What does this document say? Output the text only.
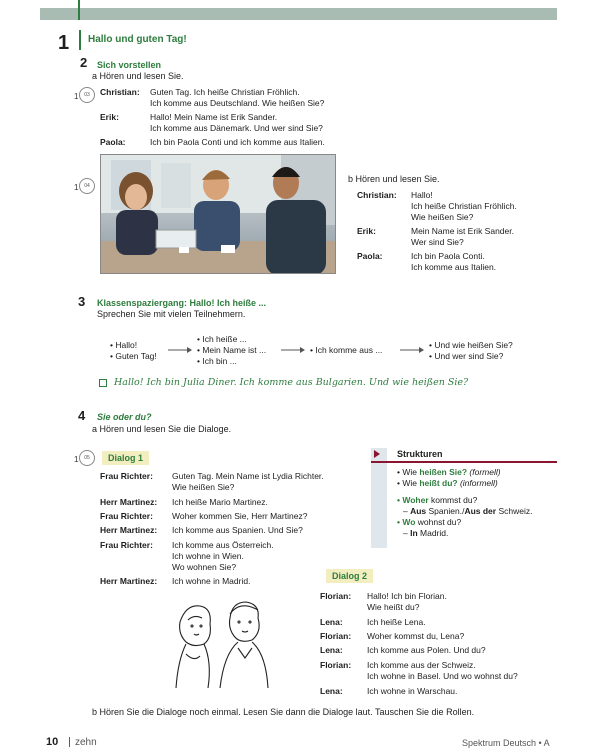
1 Hallo und guten Tag!
2 Sich vorstellen
a Hören und lesen Sie.
1	03	Christian: Guten Tag. Ich heiße Christian Fröhlich.
Ich komme aus Deutschland. Wie heißen Sie?
Erik:	Hallo! Mein Name ist Erik Sander.
Ich komme aus Dänemark. Und wer sind Sie?
Paola:	Ich bin Paola Conti und ich komme aus Italien.
1	04
b Hören und lesen Sie.
Christian: Hallo!
Ich heiße Christian Fröhlich.
Wie heißen Sie?
Erik:	Mein Name ist Erik Sander.
Wer sind Sie?
Paola:	Ich bin Paola Conti.
Ich komme aus Italien.
3 Klassenspaziergang: Hallo! Ich heiße ...
Sprechen Sie mit vielen Teilnehmern.
• Hallo!
• Guten Tag!
• Ich heiße ...
• Mein Name ist ...
• Ich bin ...
• Ich komme aus ...	• Und wie heißen Sie?
• Und wer sind Sie?
Hallo! Ich bin Julia Diner. Ich komme aus Bulgarien. Und wie heißen Sie?
4 Sie oder du?
a Hören und lesen Sie die Dialoge.
1	05	Dialog 1
Frau Richter: Guten Tag. Mein Name ist Lydia Richter.
Wie heißen Sie?
Herr Martinez: Ich heiße Mario Martinez.
Frau Richter: Woher kommen Sie, Herr Martinez?
Herr Martinez: Ich komme aus Spanien. Und Sie?
Frau Richter: Ich komme aus Österreich.
Ich wohne in Wien.
Wo wohnen Sie?
Herr Martinez: Ich wohne in Madrid.
Strukturen
• Wie heißen Sie? (formell)
• Wie heißt du? (informell)
• Woher kommst du?
– Aus Spanien./Aus der Schweiz.
• Wo wohnst du?
– In Madrid.
Dialog 2
Florian: Hallo! Ich bin Florian.
Wie heißt du?
Lena:	Ich heiße Lena.
Florian: Woher kommst du, Lena?
Lena:	Ich komme aus Polen. Und du?
Florian: Ich komme aus der Schweiz.
Ich wohne in Basel. Und wo wohnst du?
Lena:	Ich wohne in Warschau.
b Hören Sie die Dialoge noch einmal. Lesen Sie dann die Dialoge laut. Tauschen Sie die Rollen.
10 zehn	Spektrum Deutsch • A
